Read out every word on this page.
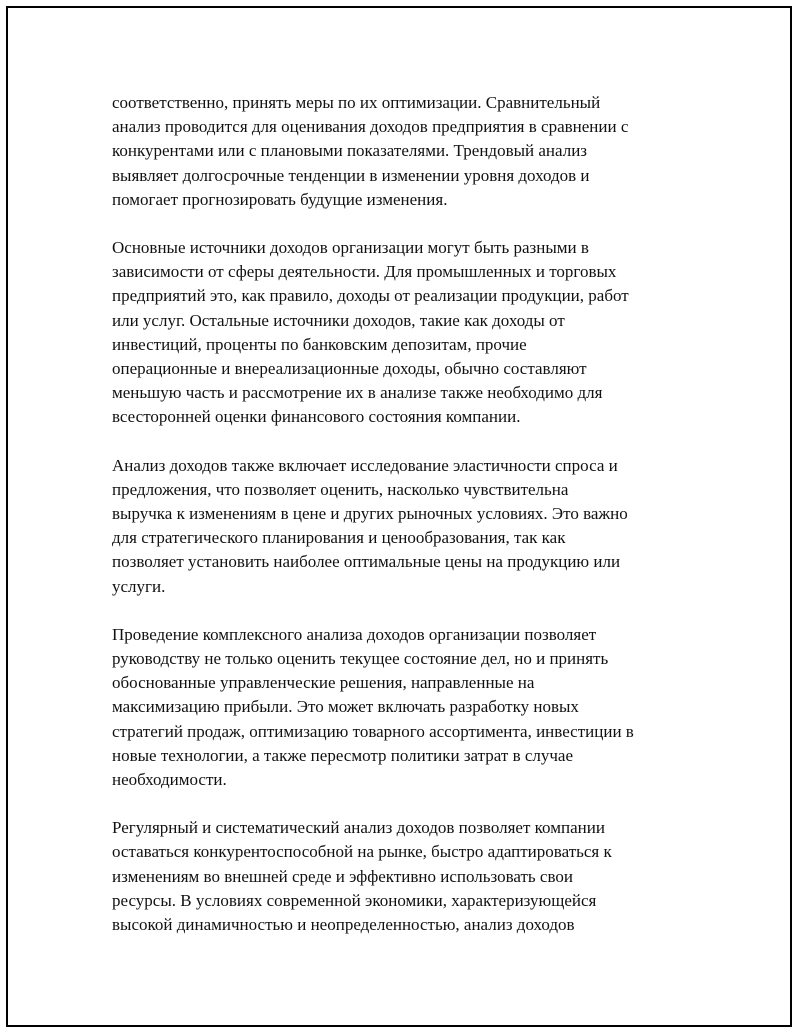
соответственно, принять меры по их оптимизации. Сравнительный
анализ проводится для оценивания доходов предприятия в сравнении с
конкурентами или с плановыми показателями. Трендовый анализ
выявляет долгосрочные тенденции в изменении уровня доходов и
помогает прогнозировать будущие изменения.

Основные источники доходов организации могут быть разными в
зависимости от сферы деятельности. Для промышленных и торговых
предприятий это, как правило, доходы от реализации продукции, работ
или услуг. Остальные источники доходов, такие как доходы от
инвестиций, проценты по банковским депозитам, прочие
операционные и внереализационные доходы, обычно составляют
меньшую часть и рассмотрение их в анализе также необходимо для
всесторонней оценки финансового состояния компании.

Анализ доходов также включает исследование эластичности спроса и
предложения, что позволяет оценить, насколько чувствительна
выручка к изменениям в цене и других рыночных условиях. Это важно
для стратегического планирования и ценообразования, так как
позволяет установить наиболее оптимальные цены на продукцию или
услуги.

Проведение комплексного анализа доходов организации позволяет
руководству не только оценить текущее состояние дел, но и принять
обоснованные управленческие решения, направленные на
максимизацию прибыли. Это может включать разработку новых
стратегий продаж, оптимизацию товарного ассортимента, инвестиции в
новые технологии, а также пересмотр политики затрат в случае
необходимости.

Регулярный и систематический анализ доходов позволяет компании
оставаться конкурентоспособной на рынке, быстро адаптироваться к
изменениям во внешней среде и эффективно использовать свои
ресурсы. В условиях современной экономики, характеризующейся
высокой динамичностью и неопределенностью, анализ доходов
